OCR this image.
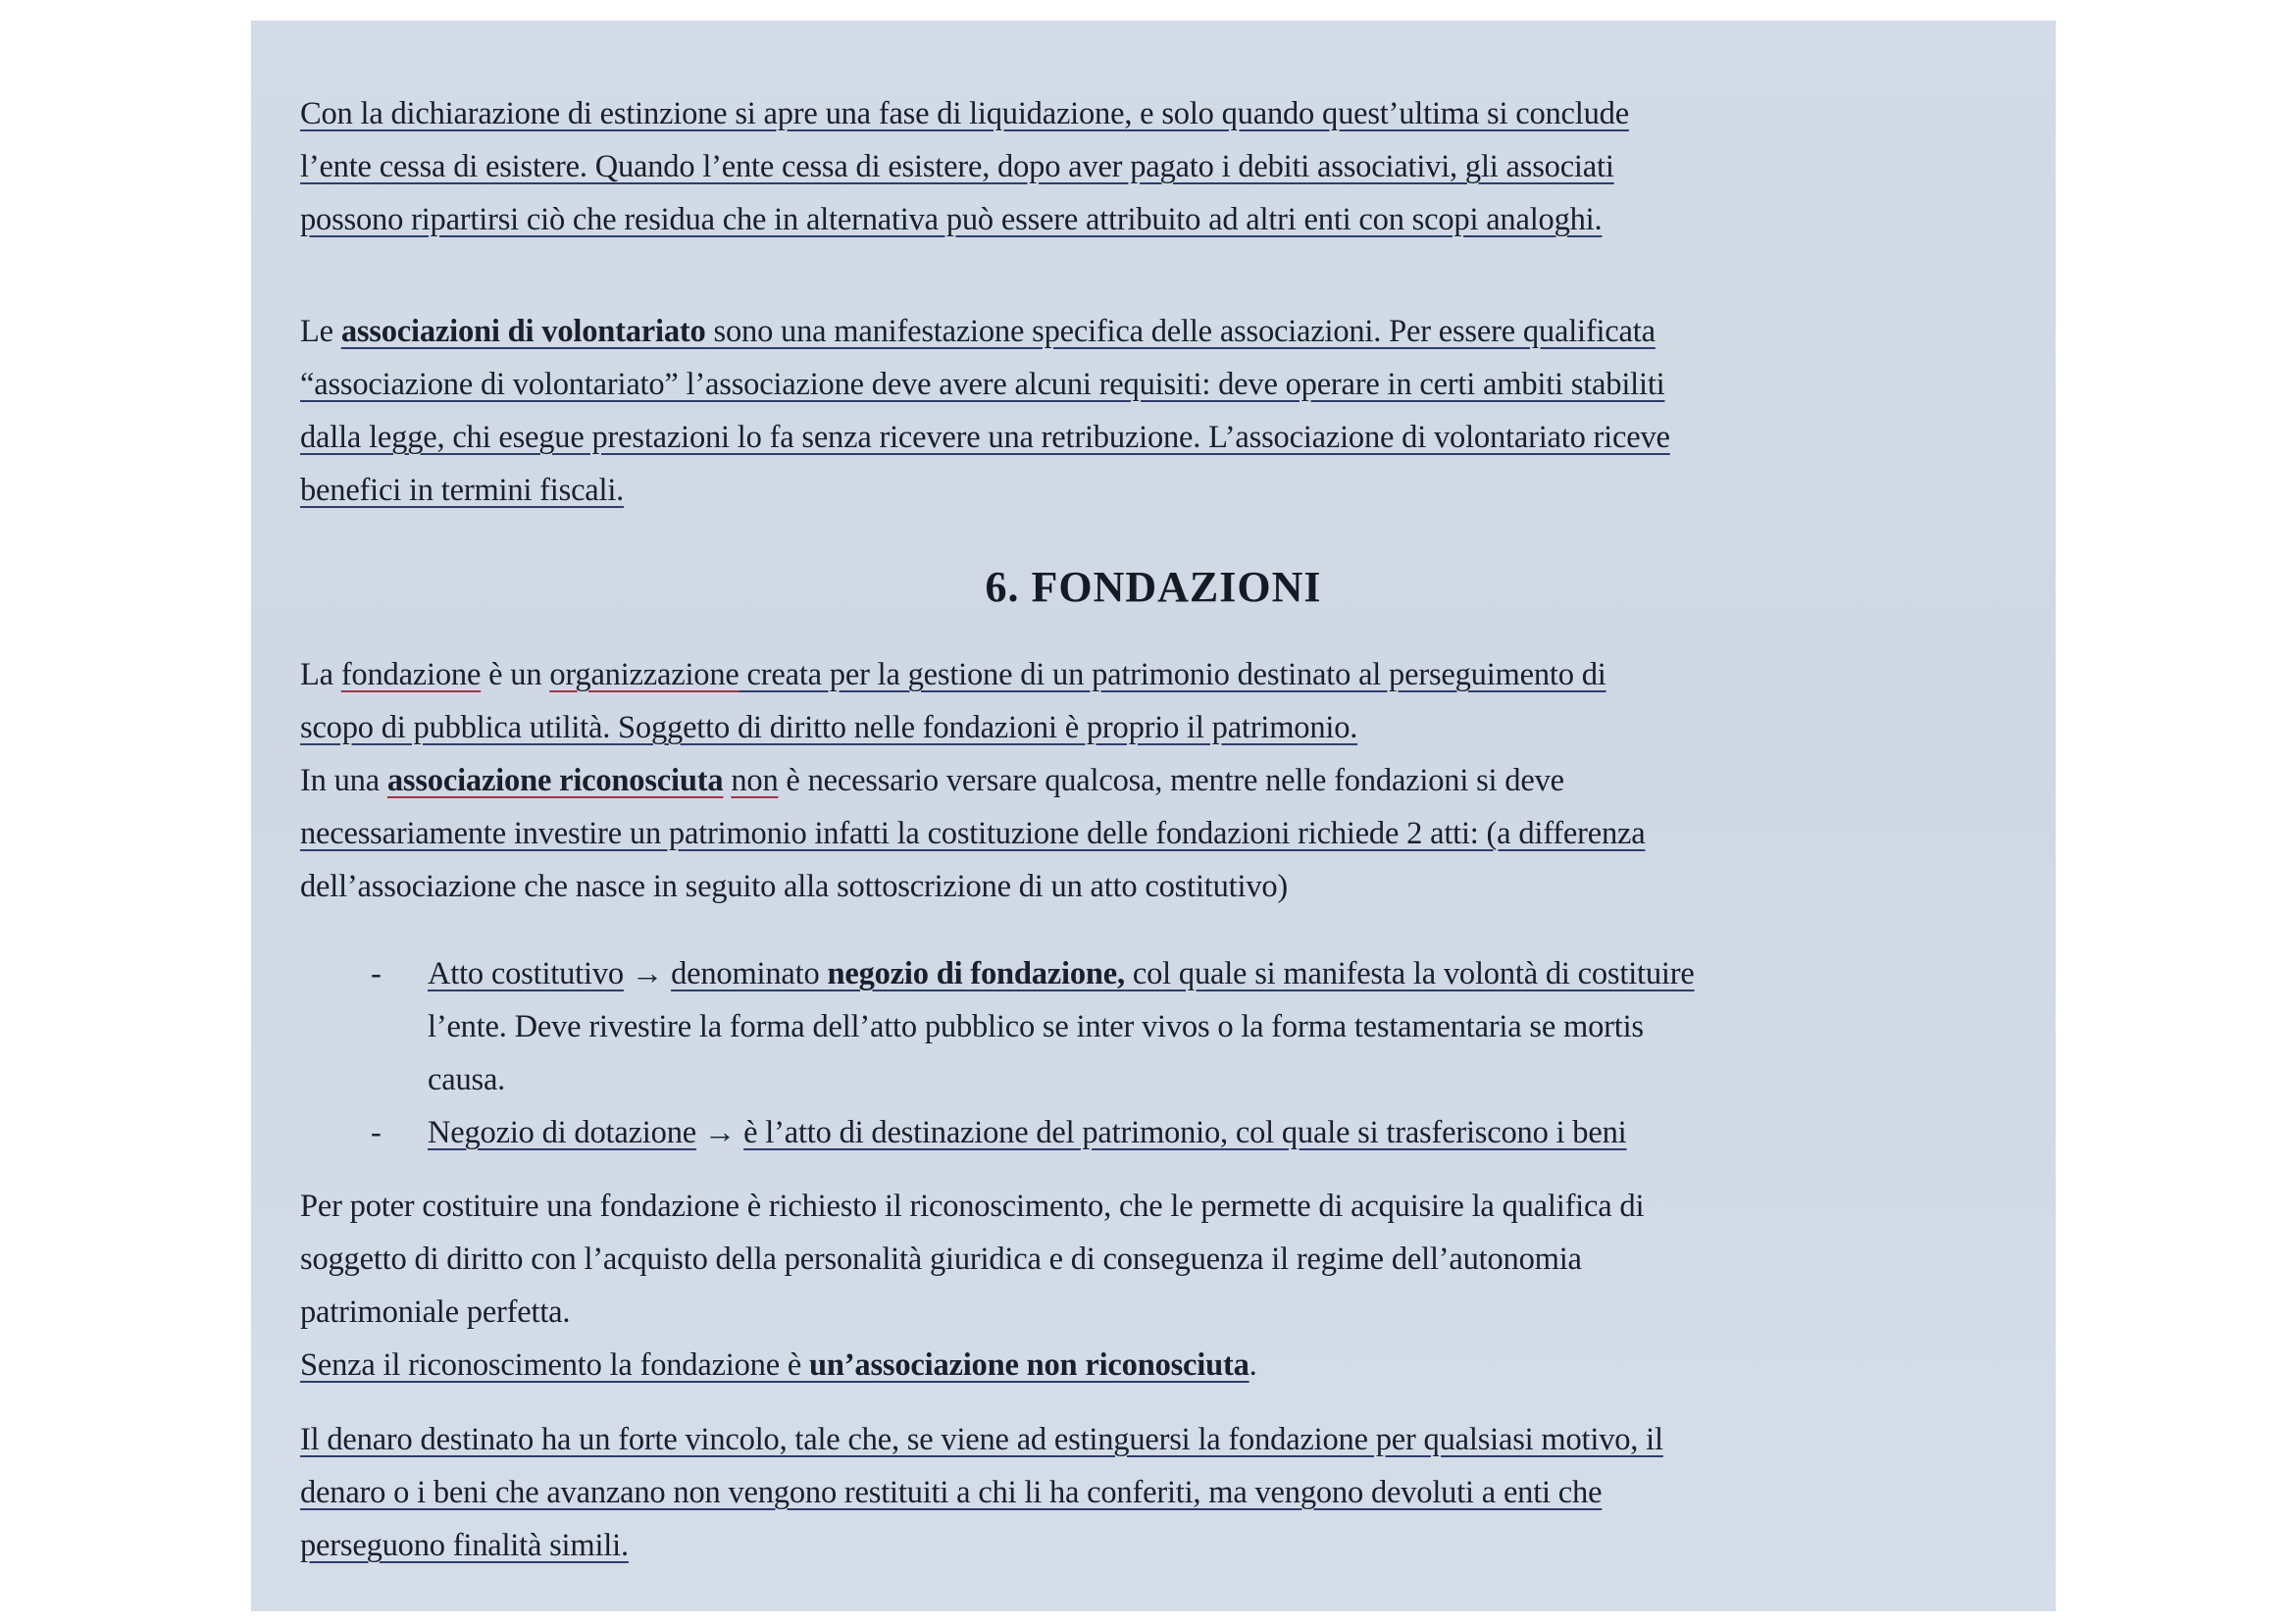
Con la dichiarazione di estinzione si apre una fase di liquidazione, e solo quando quest’ultima si conclude

l’ente cessa di esistere. Quando l’ente cessa di esistere, dopo aver pagato i debiti associativi, gli associati

possono ripartirsi ciò che residua che in alternativa può essere attribuito ad altri enti con scopi analoghi.

Le associazioni di volontariato sono una manifestazione specifica delle associazioni. Per essere qualificata

“associazione di volontariato” l’associazione deve avere alcuni requisiti: deve operare in certi ambiti stabiliti

dalla legge, chi esegue prestazioni lo fa senza ricevere una retribuzione. L’associazione di volontariato riceve

benefici in termini fiscali.

6. FONDAZIONI

La fondazione è un organizzazione creata per la gestione di un patrimonio destinato al perseguimento di

scopo di pubblica utilità. Soggetto di diritto nelle fondazioni è proprio il patrimonio.

In una associazione riconosciuta non è necessario versare qualcosa, mentre nelle fondazioni si deve

necessariamente investire un patrimonio infatti la costituzione delle fondazioni richiede 2 atti: (a differenza

dell’associazione che nasce in seguito alla sottoscrizione di un atto costitutivo)

- Atto costitutivo → denominato negozio di fondazione, col quale si manifesta la volontà di costituire
l’ente. Deve rivestire la forma dell’atto pubblico se inter vivos o la forma testamentaria se mortis
causa.
- Negozio di dotazione → è l’atto di destinazione del patrimonio, col quale si trasferiscono i beni

Per poter costituire una fondazione è richiesto il riconoscimento, che le permette di acquisire la qualifica di

soggetto di diritto con l’acquisto della personalità giuridica e di conseguenza il regime dell’autonomia

patrimoniale perfetta.

Senza il riconoscimento la fondazione è un’associazione non riconosciuta.

Il denaro destinato ha un forte vincolo, tale che, se viene ad estinguersi la fondazione per qualsiasi motivo, il

denaro o i beni che avanzano non vengono restituiti a chi li ha conferiti, ma vengono devoluti a enti che

perseguono finalità simili.
